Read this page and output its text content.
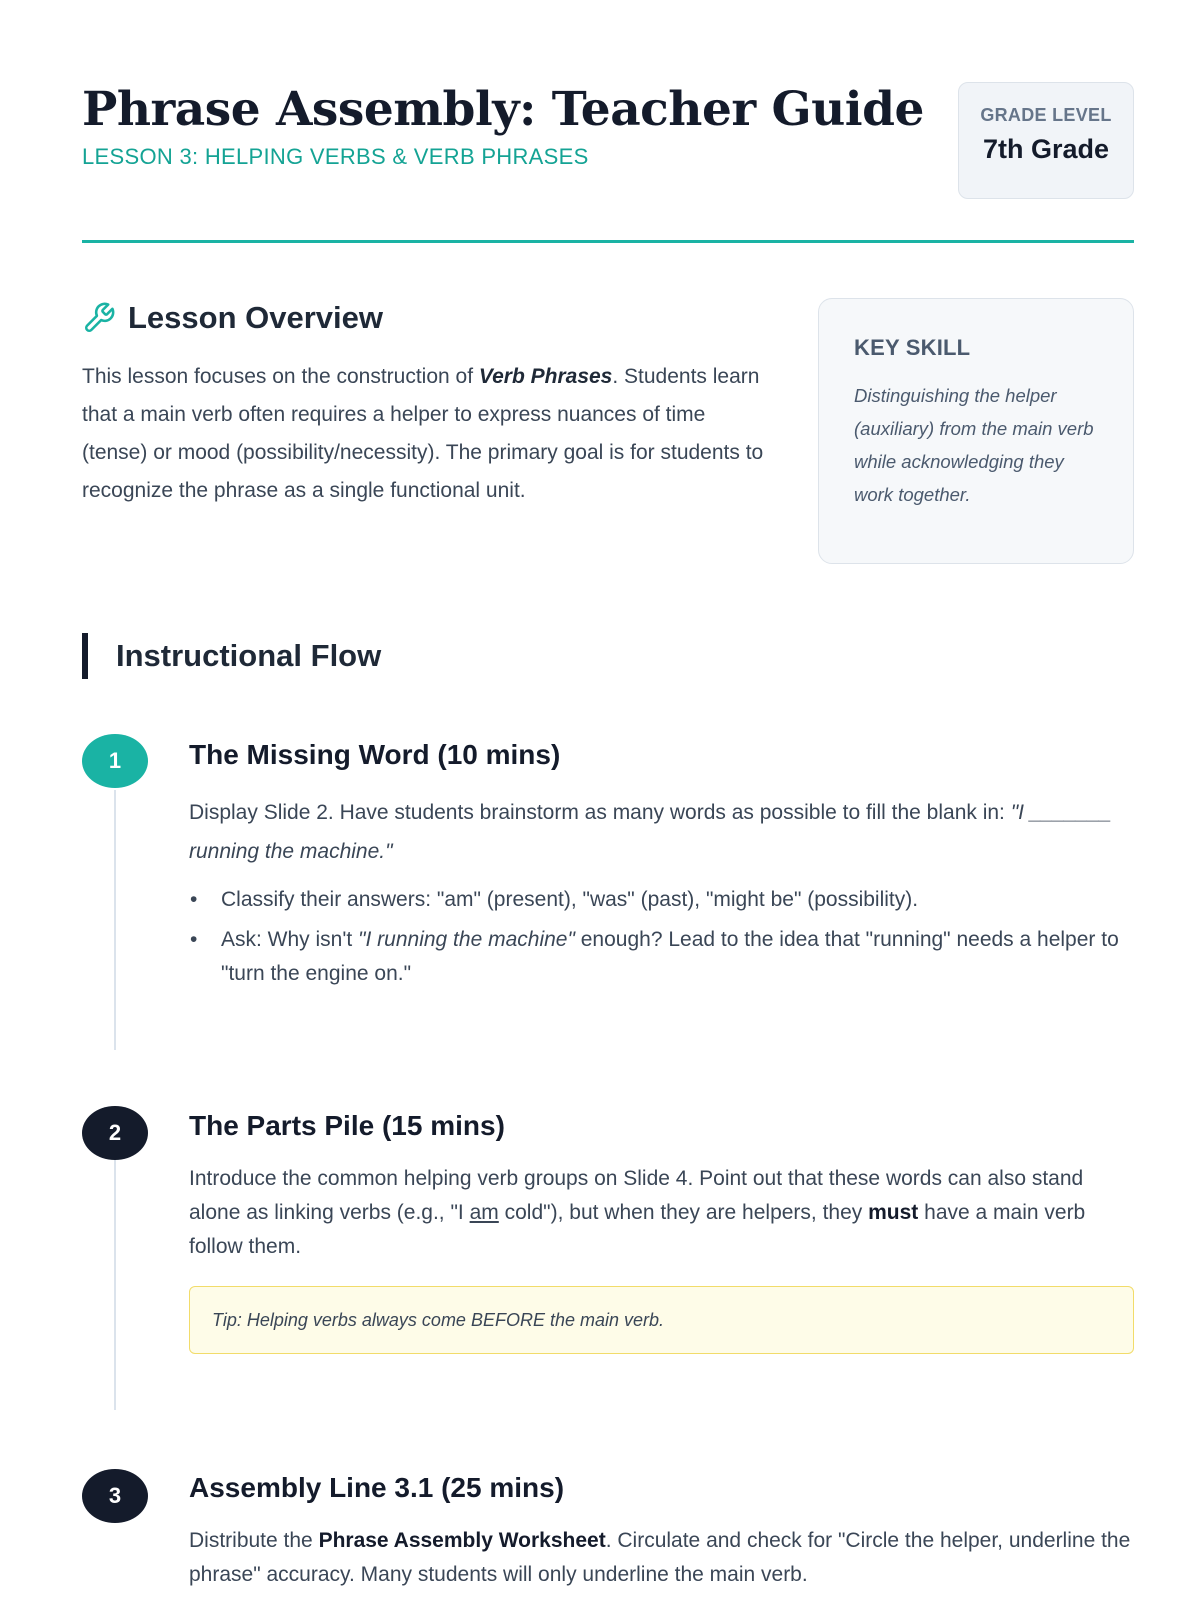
Phrase Assembly: Teacher Guide
LESSON 3: HELPING VERBS & VERB PHRASES
GRADE LEVEL
7th Grade
Lesson Overview

This lesson focuses on the construction of Verb Phrases. Students learn that a main verb often requires a helper to express nuances of time (tense) or mood (possibility/necessity). The primary goal is for students to recognize the phrase as a single functional unit.

KEY SKILL
Distinguishing the helper (auxiliary) from the main verb while acknowledging they work together.
Instructional Flow
1	The Missing Word (10 mins)

Display Slide 2. Have students brainstorm as many words as possible to fill the blank in: "I _______ running the machine."

• Classify their answers: "am" (present), "was" (past), "might be" (possibility).
• Ask: Why isn't "I running the machine" enough? Lead to the idea that "running" needs a helper to "turn the engine on."
2	The Parts Pile (15 mins)

Introduce the common helping verb groups on Slide 4. Point out that these words can also stand alone as linking verbs (e.g., "I am cold"), but when they are helpers, they must have a main verb follow them.

Tip: Helping verbs always come BEFORE the main verb.
3	Assembly Line 3.1 (25 mins)

Distribute the Phrase Assembly Worksheet. Circulate and check for "Circle the helper, underline the phrase" accuracy. Many students will only underline the main verb.
